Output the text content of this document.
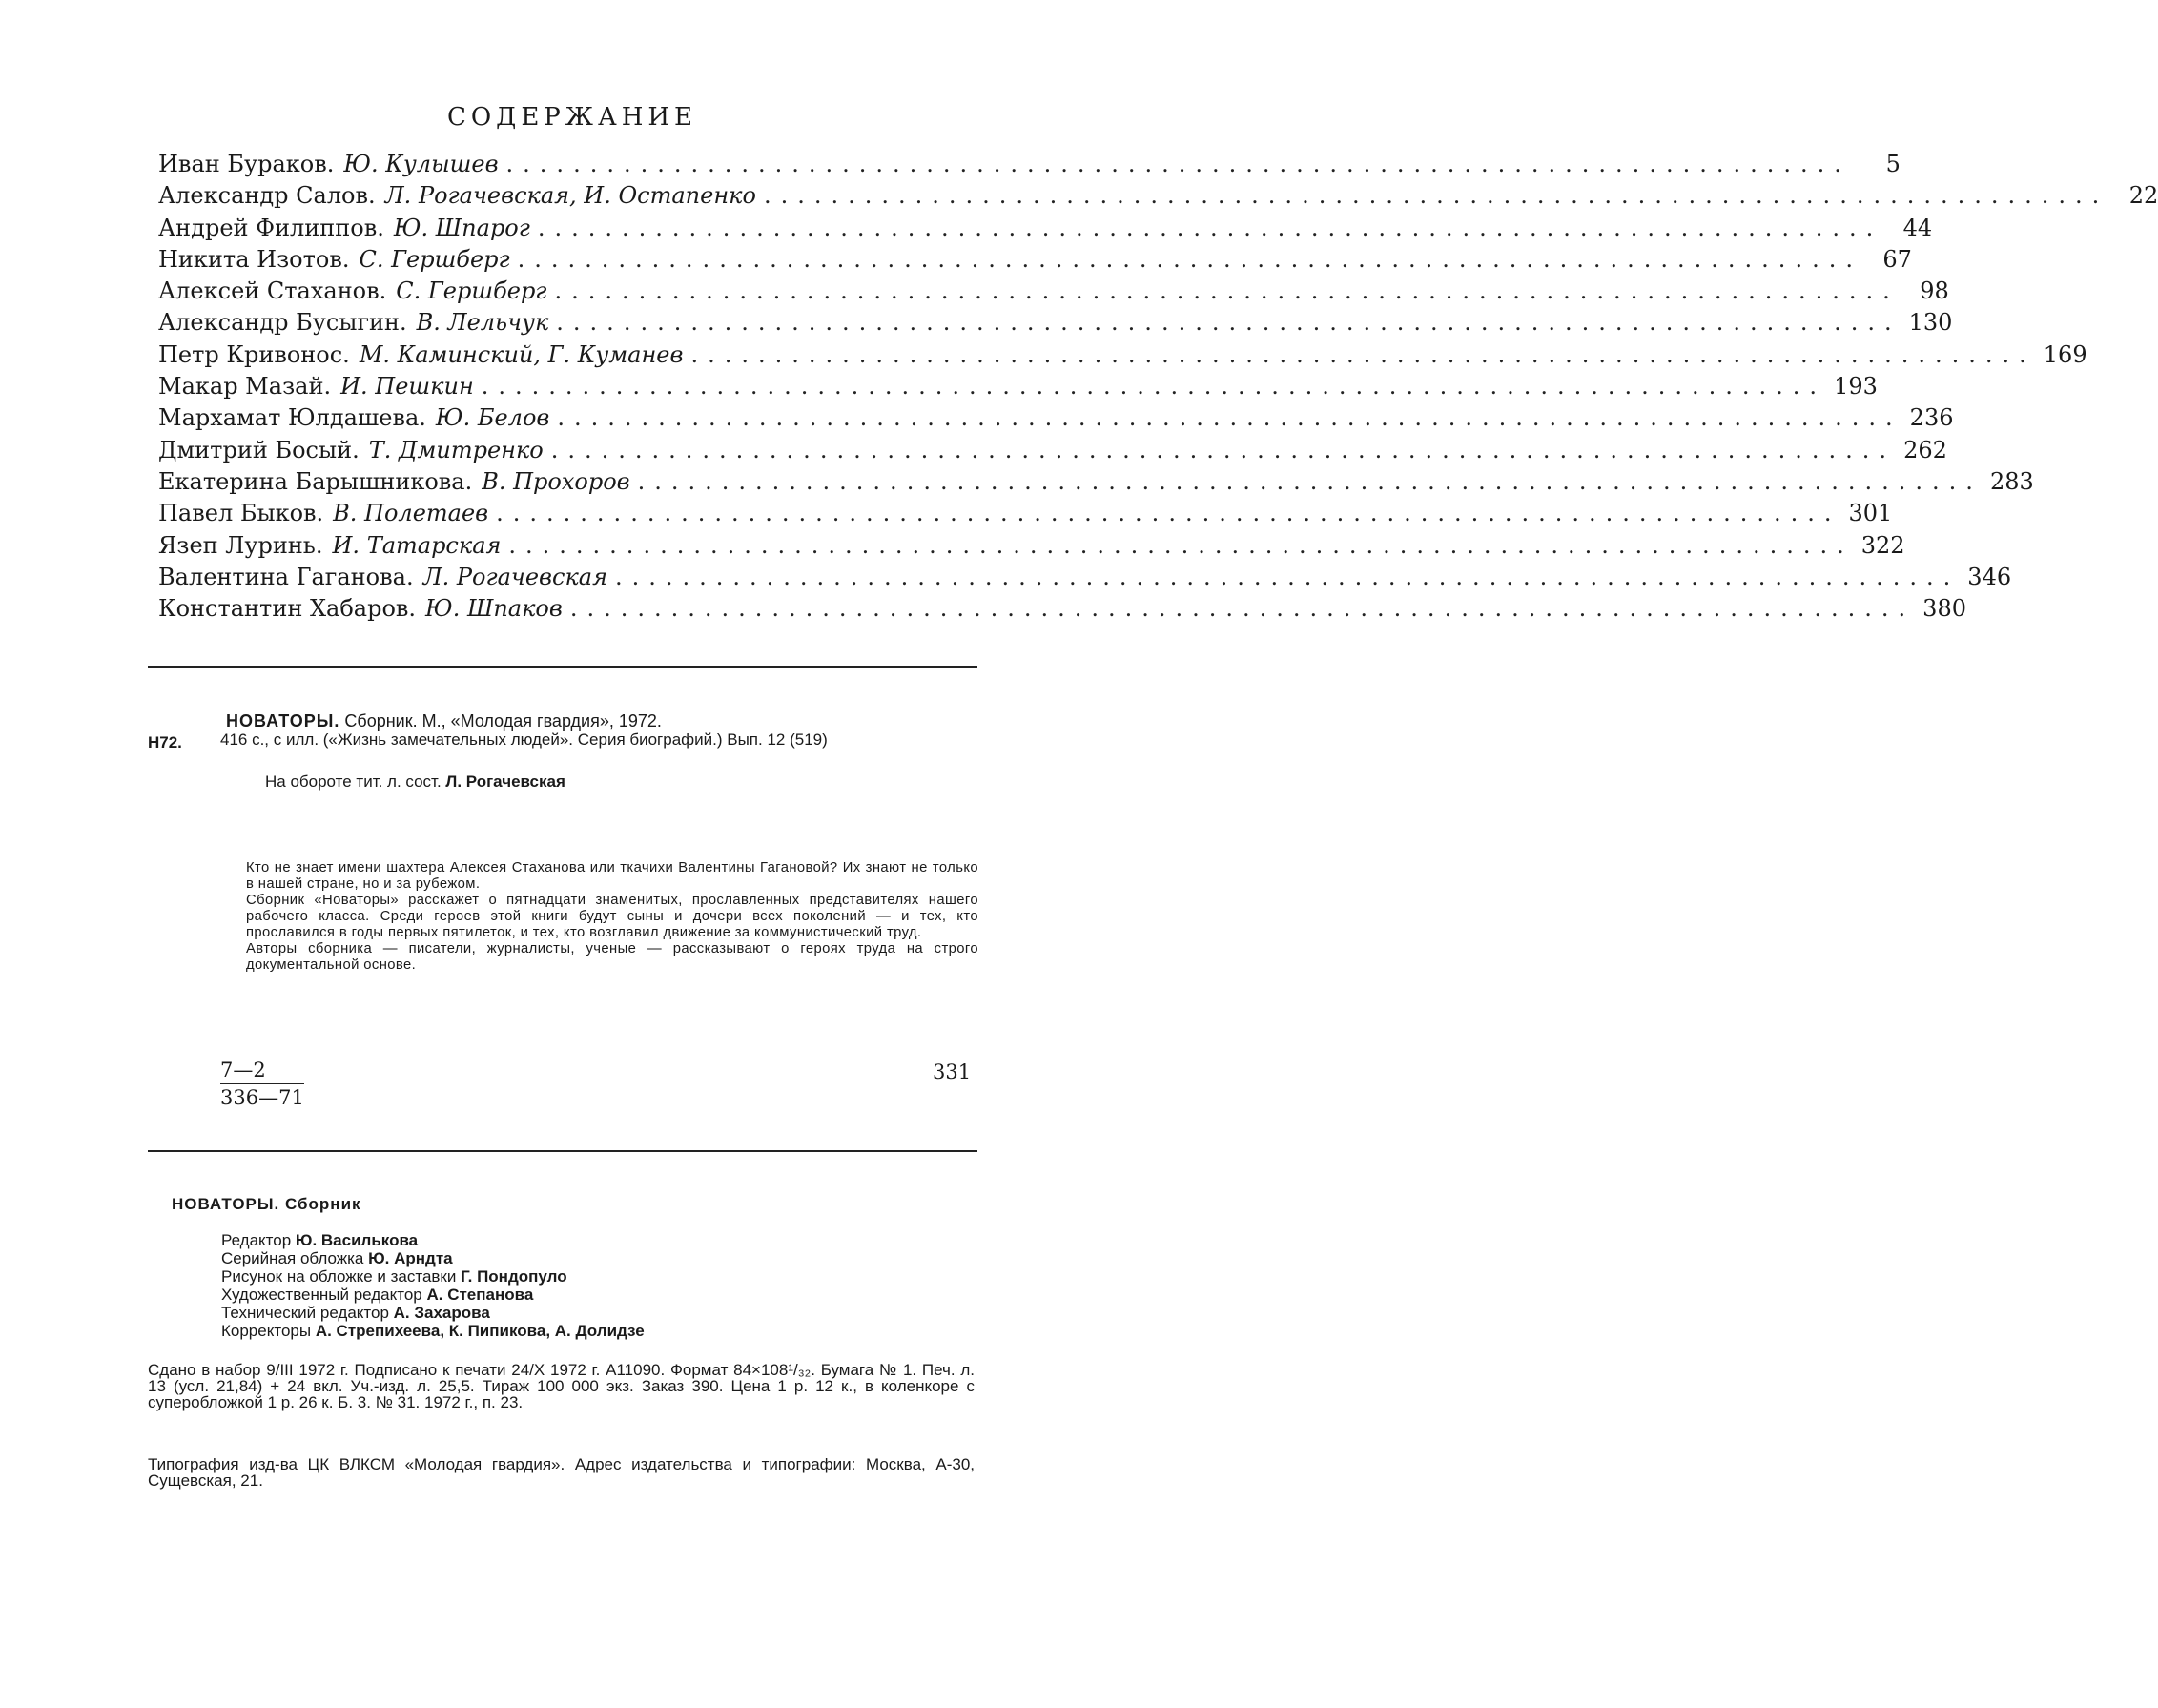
СОДЕРЖАНИЕ
Иван Бураков. Ю. Кулышев ................................................................................	5
Александр Салов. Л. Рогачевская, И. Остапенко ................................................................................ 22
Андрей Филиппов. Ю. Шпарог ................................................................................ 44
Никита Изотов. С. Гершберг ................................................................................ 67
Алексей Стаханов. С. Гершберг ................................................................................ 98
Александр Бусыгин. В. Лельчук ................................................................................ 130
Петр Кривонос. М. Каминский, Г. Куманев ................................................................................ 169
Макар Мазай. И. Пешкин ................................................................................ 193
Мархамат Юлдашева. Ю. Белов ................................................................................ 236
Дмитрий Босый. Т. Дмитренко ................................................................................ 262
Екатерина Барышникова. В. Прохоров ................................................................................ 283
Павел Быков. В. Полетаев ................................................................................ 301
Язеп Луринь. И. Татарская ................................................................................ 322
Валентина Гаганова. Л. Рогачевская ................................................................................ 346
Константин Хабаров. Ю. Шпаков ................................................................................ 380
НОВАТОРЫ. Сборник. М., «Молодая гвардия», 1972.
Н72. 416 с., с илл. («Жизнь замечательных людей». Серия биографий.) Вып. 12 (519)
На обороте тит. л. сост. Л. Рогачевская

Кто не знает имени шахтера Алексея Стаханова или ткачихи Валентины Гагановой? Их знают не только в нашей стране, но и за рубежом.

Сборник «Новаторы» расскажет о пятнадцати знаменитых, прославленных представителях нашего рабочего класса. Среди героев этой книги будут сыны и дочери всех поколений — и тех, кто прославился в годы первых пятилеток, и тех, кто возглавил движение за коммунистический труд.

Авторы сборника — писатели, журналисты, ученые — рассказывают о героях труда на строго документальной основе.

7—2
336—71
331
НОВАТОРЫ. Сборник
Редактор Ю. Василькова
Серийная обложка Ю. Арндта
Рисунок на обложке и заставки Г. Пондопуло
Художественный редактор А. Степанова
Технический редактор А. Захарова
Корректоры А. Стрепихеева, К. Пипикова, А. Долидзе
Сдано в набор 9/III 1972 г. Подписано к печати 24/X 1972 г. А11090. Формат 84×108¹/₃₂. Бумага № 1. Печ. л. 13 (усл. 21,84) + 24 вкл. Уч.-изд. л. 25,5. Тираж 100 000 экз. Заказ 390. Цена 1 р. 12 к., в коленкоре с суперобложкой 1 р. 26 к. Б. 3. № 31. 1972 г., п. 23.
Типография изд-ва ЦК ВЛКСМ «Молодая гвардия». Адрес издательства и типографии: Москва, А-30, Сущевская, 21.
